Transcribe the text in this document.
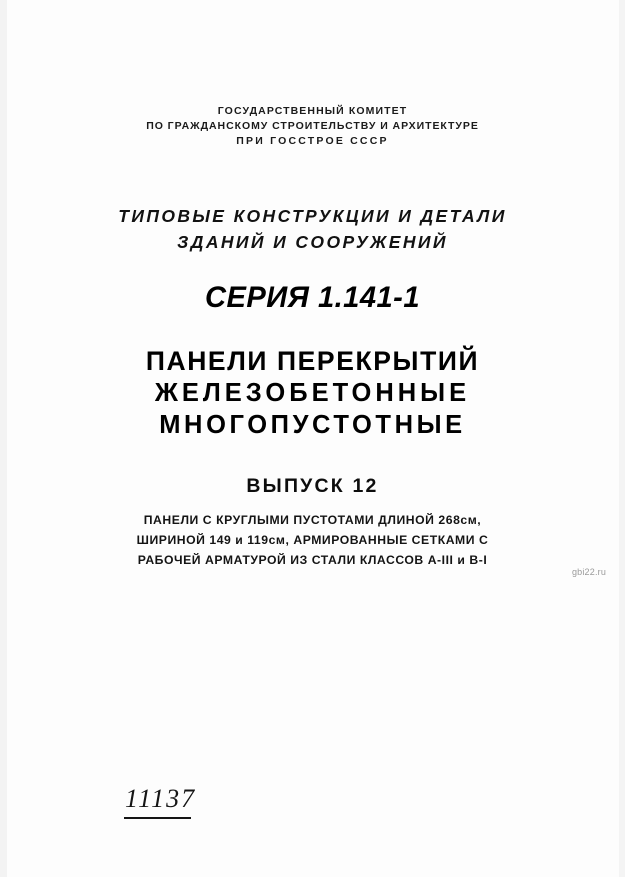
ГОСУДАРСТВЕННЫЙ КОМИТЕТ
ПО ГРАЖДАНСКОМУ СТРОИТЕЛЬСТВУ И АРХИТЕКТУРЕ
ПРИ ГОССТРОЕ СССР
ТИПОВЫЕ КОНСТРУКЦИИ И ДЕТАЛИ
ЗДАНИЙ И СООРУЖЕНИЙ
СЕРИЯ 1.141-1
ПАНЕЛИ ПЕРЕКРЫТИЙ
ЖЕЛЕЗОБЕТОННЫЕ
МНОГОПУСТОТНЫЕ
ВЫПУСК 12
ПАНЕЛИ С КРУГЛЫМИ ПУСТОТАМИ ДЛИНОЙ 268см,
ШИРИНОЙ 149 и 119см, АРМИРОВАННЫЕ СЕТКАМИ С
РАБОЧЕЙ АРМАТУРОЙ ИЗ СТАЛИ КЛАССОВ А-III и В-I
gbi22.ru
11137
